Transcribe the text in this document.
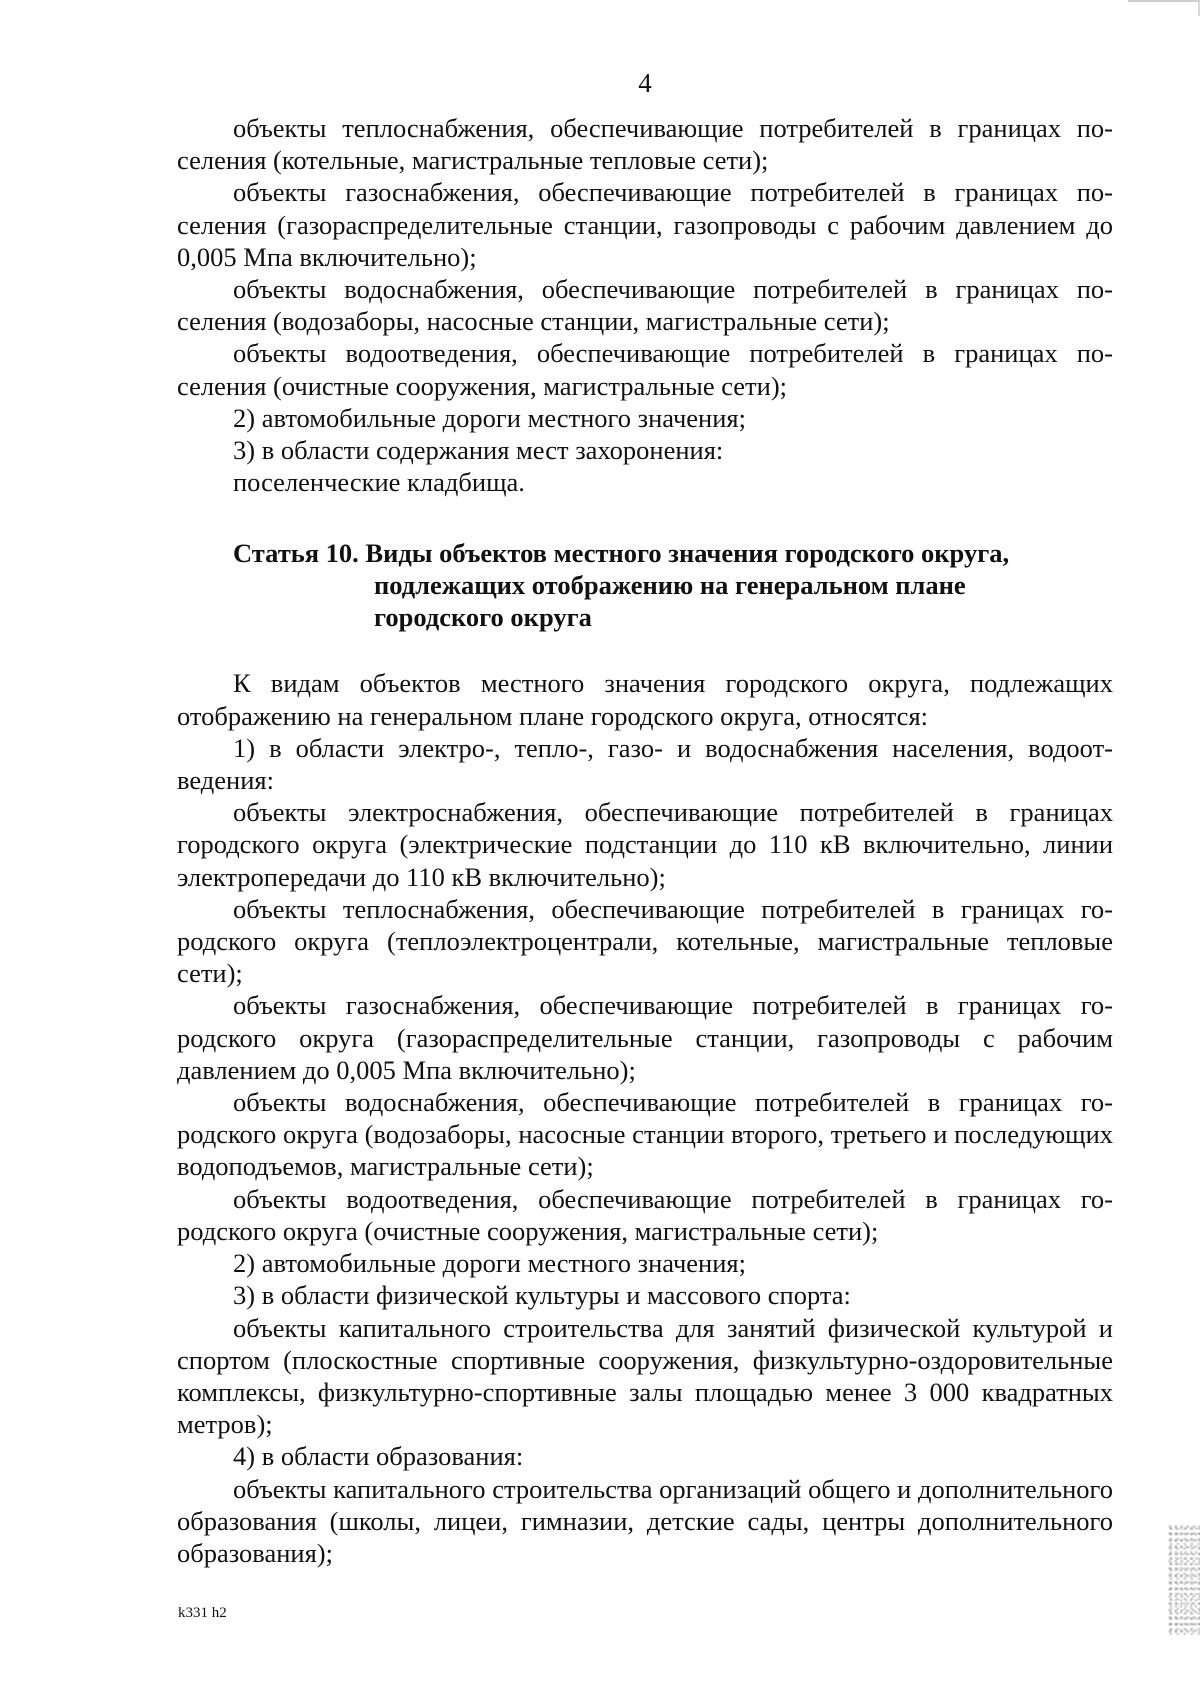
4

объекты теплоснабжения, обеспечивающие потребителей в границах поселения (котельные, магистральные тепловые сети);

объекты газоснабжения, обеспечивающие потребителей в границах поселения (газораспределительные станции, газопроводы с рабочим давлением до 0,005 Мпа включительно);

объекты водоснабжения, обеспечивающие потребителей в границах поселения (водозаборы, насосные станции, магистральные сети);

объекты водоотведения, обеспечивающие потребителей в границах поселения (очистные сооружения, магистральные сети);

2) автомобильные дороги местного значения;

3) в области содержания мест захоронения:

поселенческие кладбища.

Статья 10. Виды объектов местного значения городского округа,
подлежащих отображению на генеральном плане
городского округа

К видам объектов местного значения городского округа, подлежащих отображению на генеральном плане городского округа, относятся:

1) в области электро-, тепло-, газо- и водоснабжения населения, водоотведения:

объекты электроснабжения, обеспечивающие потребителей в границах городского округа (электрические подстанции до 110 кВ включительно, линии электропередачи до 110 кВ включительно);

объекты теплоснабжения, обеспечивающие потребителей в границах городского округа (теплоэлектроцентрали, котельные, магистральные тепловые сети);

объекты газоснабжения, обеспечивающие потребителей в границах городского округа (газораспределительные станции, газопроводы с рабочим давлением до 0,005 Мпа включительно);

объекты водоснабжения, обеспечивающие потребителей в границах городского округа (водозаборы, насосные станции второго, третьего и последующих водоподъемов, магистральные сети);

объекты водоотведения, обеспечивающие потребителей в границах городского округа (очистные сооружения, магистральные сети);

2) автомобильные дороги местного значения;

3) в области физической культуры и массового спорта:

объекты капитального строительства для занятий физической культурой и спортом (плоскостные спортивные сооружения, физкультурно-оздоровительные комплексы, физкультурно-спортивные залы площадью менее 3 000 квадратных метров);

4) в области образования:

объекты капитального строительства организаций общего и дополнительного образования (школы, лицеи, гимназии, детские сады, центры дополнительного образования);

k331 h2
